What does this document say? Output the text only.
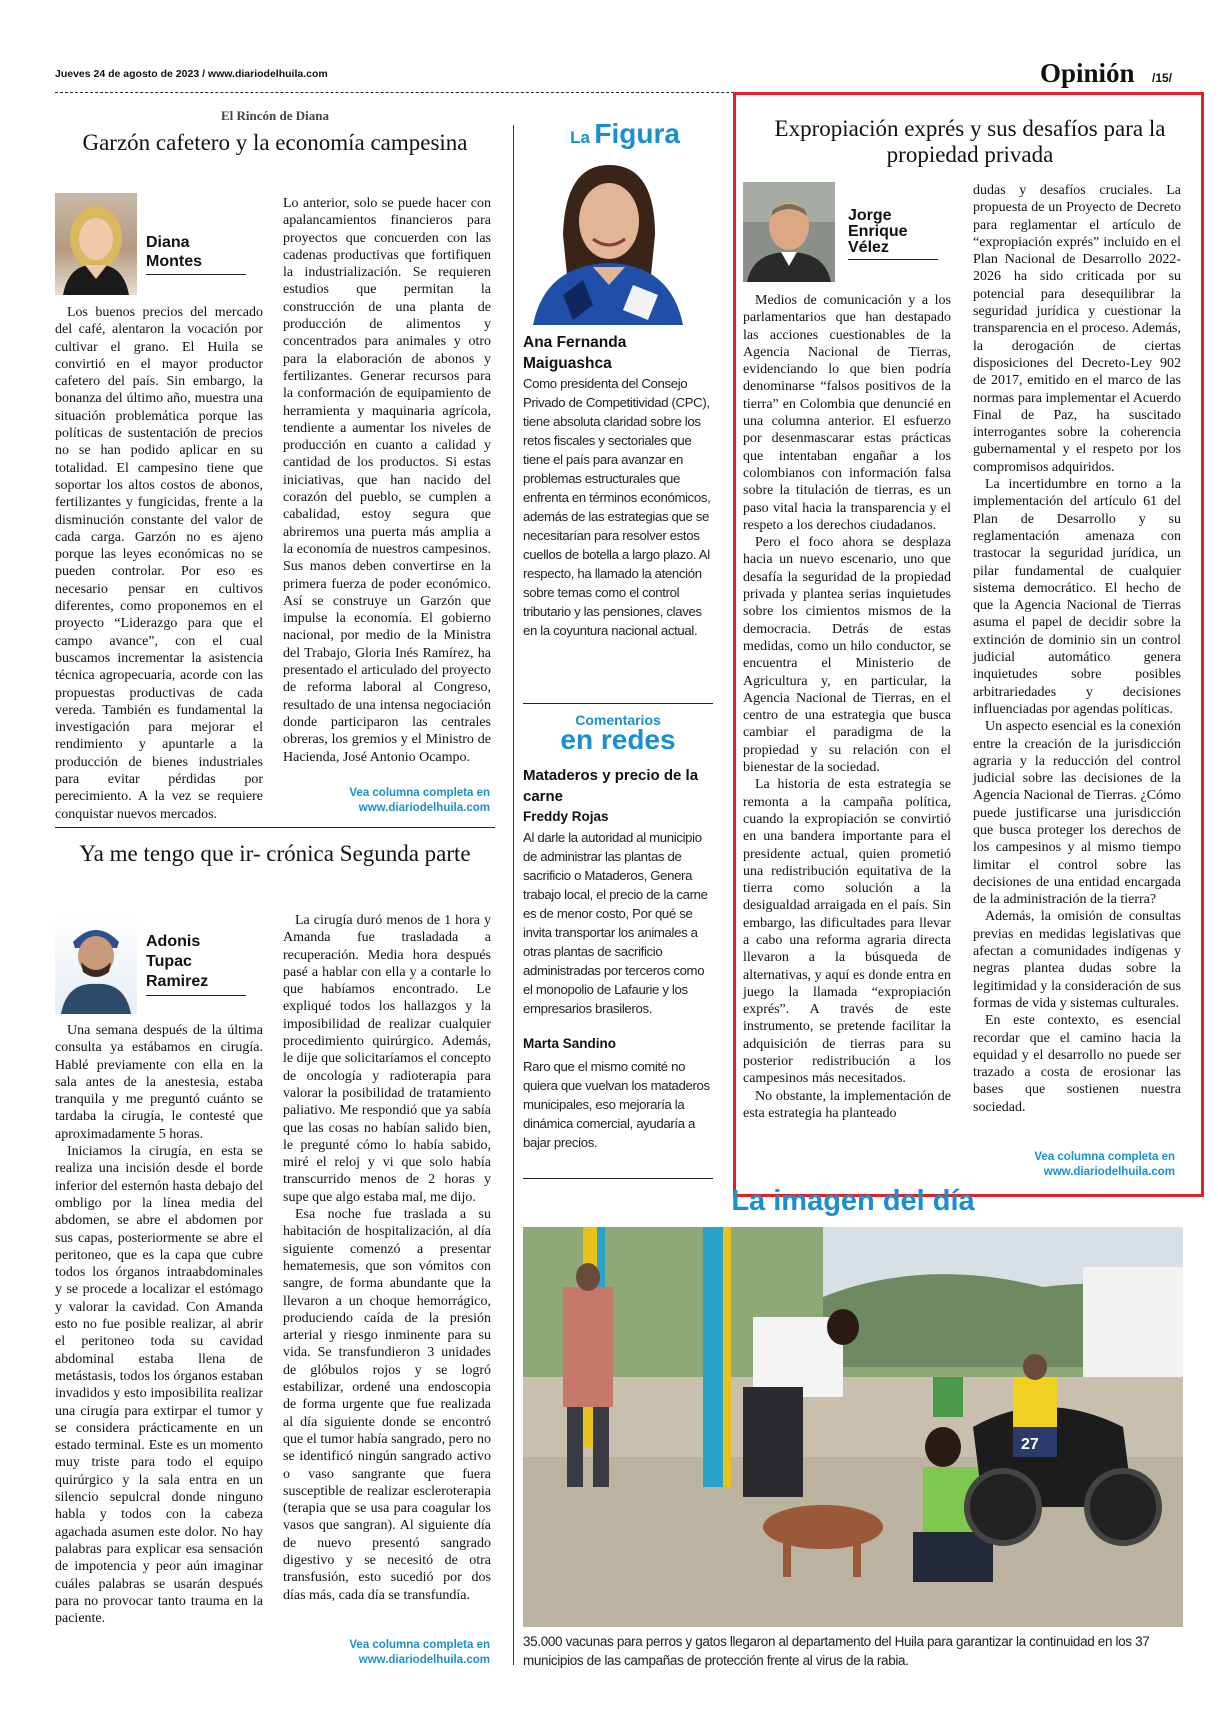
Jueves 24 de agosto de 2023 / www.diariodelhuila.com	Opinión /15/
El Rincón de Diana
Garzón cafetero y la economía campesina
Diana
Montes

Los buenos precios del mercado del café, alentaron la vocación por cultivar el grano. El Huila se convirtió en el mayor productor cafetero del país. Sin embargo, la bonanza del último año, muestra una situación problemática porque las políticas de sustentación de precios no se han podido aplicar en su totalidad. El campesino tiene que soportar los altos costos de abonos, fertilizantes y fungicidas, frente a la disminución constante del valor de cada carga. Garzón no es ajeno porque las leyes económicas no se pueden controlar. Por eso es necesario pensar en cultivos diferentes, como proponemos en el proyecto “Liderazgo para que el campo avance”, con el cual buscamos incrementar la asistencia técnica agropecuaria, acorde con las propuestas productivas de cada vereda. También es fundamental la investigación para mejorar el rendimiento y apuntarle a la producción de bienes industriales para evitar pérdidas por perecimiento. A la vez se requiere conquistar nuevos mercados.

Lo anterior, solo se puede hacer con apalancamientos financieros para proyectos que concuerden con las cadenas productivas que fortifiquen la industrialización. Se requieren estudios que permitan la construcción de una planta de producción de alimentos y concentrados para animales y otro para la elaboración de abonos y fertilizantes. Generar recursos para la conformación de equipamiento de herramienta y maquinaria agrícola, tendiente a aumentar los niveles de producción en cuanto a calidad y cantidad de los productos. Si estas iniciativas, que han nacido del corazón del pueblo, se cumplen a cabalidad, estoy segura que abriremos una puerta más amplia a la economía de nuestros campesinos. Sus manos deben convertirse en la primera fuerza de poder económico. Así se construye un Garzón que impulse la economía. El gobierno nacional, por medio de la Ministra del Trabajo, Gloria Inés Ramírez, ha presentado el articulado del proyecto de reforma laboral al Congreso, resultado de una intensa negociación donde participaron las centrales obreras, los gremios y el Ministro de Hacienda, José Antonio Ocampo.

Vea columna completa en www.diariodelhuila.com
Ya me tengo que ir- crónica Segunda parte
Adonis
Tupac
Ramirez

Una semana después de la última consulta ya estábamos en cirugía. Hablé previamente con ella en la sala antes de la anestesia, estaba tranquila y me preguntó cuánto se tardaba la cirugía, le contesté que aproximadamente 5 horas.

Iniciamos la cirugía, en esta se realiza una incisión desde el borde inferior del esternón hasta debajo del ombligo por la línea media del abdomen, se abre el abdomen por sus capas, posteriormente se abre el peritoneo, que es la capa que cubre todos los órganos intraabdominales y se procede a localizar el estómago y valorar la cavidad. Con Amanda esto no fue posible realizar, al abrir el peritoneo toda su cavidad abdominal estaba llena de metástasis, todos los órganos estaban invadidos y esto imposibilita realizar una cirugía para extirpar el tumor y se considera prácticamente en un estado terminal. Este es un momento muy triste para todo el equipo quirúrgico y la sala entra en un silencio sepulcral donde ninguno habla y todos con la cabeza agachada asumen este dolor. No hay palabras para explicar esa sensación de impotencia y peor aún imaginar cuáles palabras se usarán después para no provocar tanto trauma en la paciente.

La cirugía duró menos de 1 hora y Amanda fue trasladada a recuperación. Media hora después pasé a hablar con ella y a contarle lo que habíamos encontrado. Le expliqué todos los hallazgos y la imposibilidad de realizar cualquier procedimiento quirúrgico. Además, le dije que solicitaríamos el concepto de oncología y radioterapia para valorar la posibilidad de tratamiento paliativo. Me respondió que ya sabía que las cosas no habían salido bien, le pregunté cómo lo había sabido, miré el reloj y vi que solo había transcurrido menos de 2 horas y supe que algo estaba mal, me dijo.

Esa noche fue traslada a su habitación de hospitalización, al día siguiente comenzó a presentar hematemesis, que son vómitos con sangre, de forma abundante que la llevaron a un choque hemorrágico, produciendo caída de la presión arterial y riesgo inminente para su vida. Se transfundieron 3 unidades de glóbulos rojos y se logró estabilizar, ordené una endoscopia de forma urgente que fue realizada al día siguiente donde se encontró que el tumor había sangrado, pero no se identificó ningún sangrado activo o vaso sangrante que fuera susceptible de realizar escleroterapia (terapia que se usa para coagular los vasos que sangran). Al siguiente día de nuevo presentó sangrado digestivo y se necesitó de otra transfusión, esto sucedió por dos días más, cada día se transfundía.

Vea columna completa en www.diariodelhuila.com
La Figura
Ana Fernanda Maiguashca
Como presidenta del Consejo Privado de Competitividad (CPC), tiene absoluta claridad sobre los retos fiscales y sectoriales que tiene el país para avanzar en problemas estructurales que enfrenta en términos económicos, además de las estrategias que se necesitarían para resolver estos cuellos de botella a largo plazo. Al respecto, ha llamado la atención sobre temas como el control tributario y las pensiones, claves en la coyuntura nacional actual.
Comentarios
en redes
Mataderos y precio de la carne
Freddy Rojas
Al darle la autoridad al municipio de administrar las plantas de sacrificio o Mataderos, Genera trabajo local, el precio de la carne es de menor costo, Por qué se invita transportar los animales a otras plantas de sacrificio administradas por terceros como el monopolio de Lafaurie y los empresarios brasileros.
Marta Sandino
Raro que el mismo comité no quiera que vuelvan los mataderos municipales, eso mejoraría la dinámica comercial, ayudaría a bajar precios.
Expropiación exprés y sus desafíos para la propiedad privada
Jorge
Enrique
Vélez

Medios de comunicación y a los parlamentarios que han destapado las acciones cuestionables de la Agencia Nacional de Tierras, evidenciando lo que bien podría denominarse “falsos positivos de la tierra” en Colombia que denuncié en una columna anterior. El esfuerzo por desenmascarar estas prácticas que intentaban engañar a los colombianos con información falsa sobre la titulación de tierras, es un paso vital hacia la transparencia y el respeto a los derechos ciudadanos.

Pero el foco ahora se desplaza hacia un nuevo escenario, uno que desafía la seguridad de la propiedad privada y plantea serias inquietudes sobre los cimientos mismos de la democracia. Detrás de estas medidas, como un hilo conductor, se encuentra el Ministerio de Agricultura y, en particular, la Agencia Nacional de Tierras, en el centro de una estrategia que busca cambiar el paradigma de la propiedad y su relación con el bienestar de la sociedad.

La historia de esta estrategia se remonta a la campaña política, cuando la expropiación se convirtió en una bandera importante para el presidente actual, quien prometió una redistribución equitativa de la tierra como solución a la desigualdad arraigada en el país. Sin embargo, las dificultades para llevar a cabo una reforma agraria directa llevaron a la búsqueda de alternativas, y aquí es donde entra en juego la llamada “expropiación exprés”. A través de este instrumento, se pretende facilitar la adquisición de tierras para su posterior redistribución a los campesinos más necesitados.

No obstante, la implementación de esta estrategia ha planteado

dudas y desafíos cruciales. La propuesta de un Proyecto de Decreto para reglamentar el artículo de “expropiación exprés” incluido en el Plan Nacional de Desarrollo 2022-2026 ha sido criticada por su potencial para desequilibrar la seguridad jurídica y cuestionar la transparencia en el proceso. Además, la derogación de ciertas disposiciones del Decreto-Ley 902 de 2017, emitido en el marco de las normas para implementar el Acuerdo Final de Paz, ha suscitado interrogantes sobre la coherencia gubernamental y el respeto por los compromisos adquiridos.

La incertidumbre en torno a la implementación del artículo 61 del Plan de Desarrollo y su reglamentación amenaza con trastocar la seguridad jurídica, un pilar fundamental de cualquier sistema democrático. El hecho de que la Agencia Nacional de Tierras asuma el papel de decidir sobre la extinción de dominio sin un control judicial automático genera inquietudes sobre posibles arbitrariedades y decisiones influenciadas por agendas políticas.

Un aspecto esencial es la conexión entre la creación de la jurisdicción agraria y la reducción del control judicial sobre las decisiones de la Agencia Nacional de Tierras. ¿Cómo puede justificarse una jurisdicción que busca proteger los derechos de los campesinos y al mismo tiempo limitar el control sobre las decisiones de una entidad encargada de la administración de la tierra?

Además, la omisión de consultas previas en medidas legislativas que afectan a comunidades indígenas y negras plantea dudas sobre la legitimidad y la consideración de sus formas de vida y sistemas culturales.

En este contexto, es esencial recordar que el camino hacia la equidad y el desarrollo no puede ser trazado a costa de erosionar las bases que sostienen nuestra sociedad.

Vea columna completa en www.diariodelhuila.com
La imagen del día
27
35.000 vacunas para perros y gatos llegaron al departamento del Huila para garantizar la continuidad en los 37 municipios de las campañas de protección frente al virus de la rabia.
